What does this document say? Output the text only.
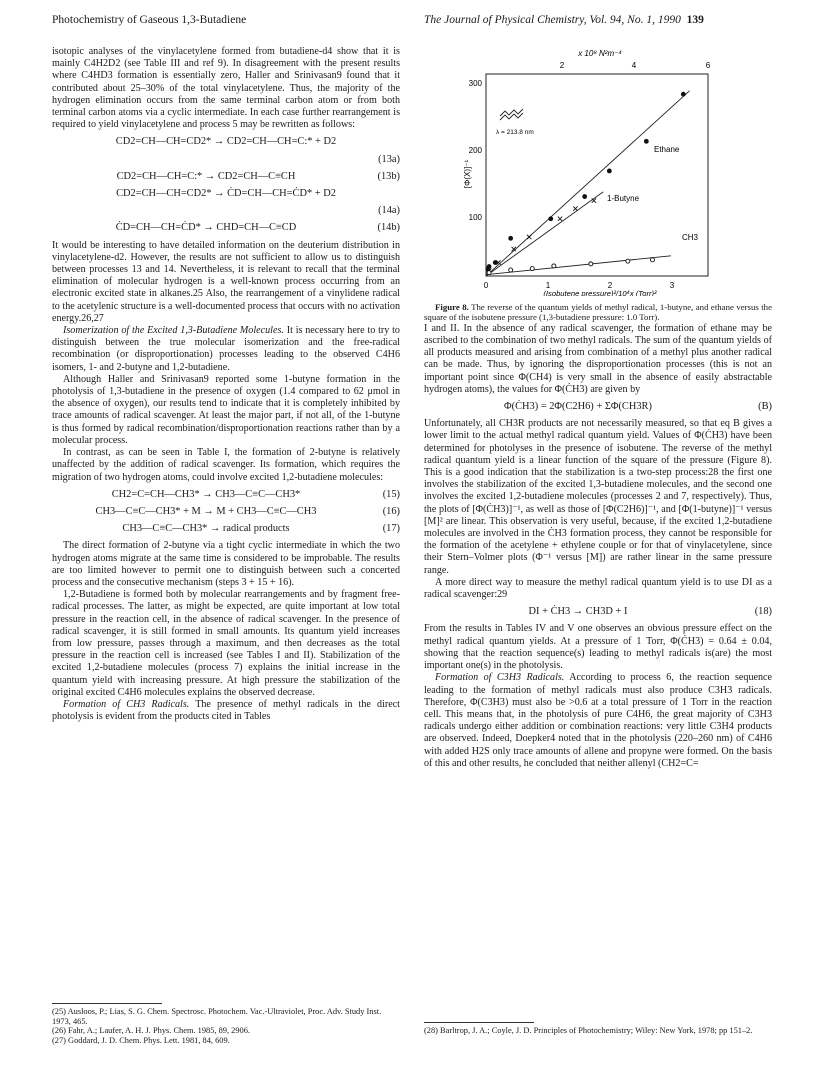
Photochemistry of Gaseous 1,3-Butadiene	The Journal of Physical Chemistry, Vol. 94, No. 1, 1990 139

isotopic analyses of the vinylacetylene formed from butadiene-d4 show that it is mainly C4H2D2 (see Table III and ref 9). In disagreement with the present results where C4HD3 formation is essentially zero, Haller and Srinivasan9 found that it contributed about 25–30% of the total vinylacetylene. Thus, the majority of the hydrogen elimination occurs from the same terminal carbon atom or from both terminal carbon atoms via a cyclic intermediate. In each case further rearrangement is required to yield vinylacetylene and process 5 may be rewritten as follows:

CD2=CH—CH=CD2* → CD2=CH—CH=C:* + D2
(13a)
CD2=CH—CH=C:* → CD2=CH—C≡CH	(13b)
CD2=CH—CH=CD2* → ĊD=CH—CH=ĊD* + D2
(14a)
ĊD=CH—CH=ĊD* → CHD=CH—C≡CD	(14b)

It would be interesting to have detailed information on the deuterium distribution in vinylacetylene-d2. However, the results are not sufficient to allow us to distinguish between processes 13 and 14. Nevertheless, it is relevant to recall that the terminal elimination of molecular hydrogen is a well-known process occurring from an electronic excited state in alkanes.25 Also, the rearrangement of a vinylidene radical to the acetylenic structure is a well-documented process that occurs with no activation energy.26,27

Isomerization of the Excited 1,3-Butadiene Molecules. It is necessary here to try to distinguish between the true molecular isomerization and the free-radical recombination (or disproportionation) processes leading to the observed C4H6 isomers, 1- and 2-butyne and 1,2-butadiene.

Although Haller and Srinivasan9 reported some 1-butyne formation in the photolysis of 1,3-butadiene in the presence of oxygen (1.4 compared to 62 μmol in the absence of oxygen), our results tend to indicate that it is completely inhibited by trace amounts of radical scavenger. At least the major part, if not all, of the 1-butyne is thus formed by radical recombination/disproportionation reactions rather than by a molecular process.

In contrast, as can be seen in Table I, the formation of 2-butyne is relatively unaffected by the addition of radical scavenger. Its formation, which requires the migration of two hydrogen atoms, could involve excited 1,2-butadiene molecules:

CH2=C=CH—CH3* → CH3—C≡C—CH3*	(15)
CH3—C≡C—CH3* + M → M + CH3—C≡C—CH3	(16)
CH3—C≡C—CH3* → radical products	(17)

The direct formation of 2-butyne via a tight cyclic intermediate in which the two hydrogen atoms migrate at the same time is considered to be improbable. The results are too limited however to permit one to distinguish between such a concerted process and the consecutive mechanism (steps 3 + 15 + 16).

1,2-Butadiene is formed both by molecular rearrangements and by fragment free-radical processes. The latter, as might be expected, are quite important at low total pressure in the reaction cell, in the absence of radical scavenger. In the presence of radical scavenger, it is still formed in small amounts. Its quantum yield increases from low pressure, passes through a maximum, and then decreases as the total pressure in the reaction cell is increased (see Tables I and II). Stabilization of the excited 1,2-butadiene molecules (process 7) explains the initial increase in the quantum yield with increasing pressure. At high pressure the stabilization of the original excited C4H6 molecules explains the observed decrease.

Formation of CH3 Radicals. The presence of methyl radicals in the direct photolysis is evident from the products cited in Tables

(25) Ausloos, P.; Lias, S. G. Chem. Spectrosc. Photochem. Vac.-Ultraviolet, Proc. Adv. Study Inst. 1973, 465.

(26) Fahr, A.; Laufer, A. H. J. Phys. Chem. 1985, 89, 2906.

(27) Goddard, J. D. Chem. Phys. Lett. 1981, 84, 609.

x 10⁸ N²m⁻⁴
2	4	6
300
200
100
[Φ(X)]⁻¹
0	1	2	3
(Isobutene pressure)²/10⁴x (Torr)²
λ = 213.8 nm
Ethane
1-Butyne
CH3

Figure 8. The reverse of the quantum yields of methyl radical, 1-butyne, and ethane versus the square of the isobutene pressure (1,3-butadiene pressure: 1.0 Torr).

I and II. In the absence of any radical scavenger, the formation of ethane may be ascribed to the combination of two methyl radicals. The sum of the quantum yields of all products measured and arising from combination of a methyl plus another radical can be made. Thus, by ignoring the disproportionation processes (this is not an important point since Φ(CH4) is very small in the absence of easily abstractable hydrogen atoms), the values for Φ(ĊH3) are given by

Φ(ĊH3) = 2Φ(C2H6) + ΣΦ(CH3R)	(B)

Unfortunately, all CH3R products are not necessarily measured, so that eq B gives a lower limit to the actual methyl radical quantum yield. Values of Φ(ĊH3) have been determined for photolyses in the presence of isobutene. The reverse of the methyl radical quantum yield is a linear function of the square of the pressure (Figure 8). This is a good indication that the stabilization is a two-step process:28 the first one involves the stabilization of the excited 1,3-butadiene molecules, and the second one involves the excited 1,2-butadiene molecules (processes 2 and 7, respectively). Thus, the plots of [Φ(ĊH3)]⁻¹, as well as those of [Φ(C2H6)]⁻¹, and [Φ(1-butyne)]⁻¹ versus [M]² are linear. This observation is very useful, because, if the excited 1,2-butadiene molecules are involved in the ĊH3 formation process, they cannot be responsible for the formation of the acetylene + ethylene couple or for that of vinylacetylene, since their Stern–Volmer plots (Φ⁻¹ versus [M]) are rather linear in the same pressure range.

A more direct way to measure the methyl radical quantum yield is to use DI as a radical scavenger:29

DI + ĊH3 → CH3D + I	(18)

From the results in Tables IV and V one observes an obvious pressure effect on the methyl radical quantum yields. At a pressure of 1 Torr, Φ(ĊH3) = 0.64 ± 0.04, showing that the reaction sequence(s) leading to methyl radicals is(are) the most important one(s) in the photolysis.

Formation of C3H3 Radicals. According to process 6, the reaction sequence leading to the formation of methyl radicals must also produce C3H3 radicals. Therefore, Φ(C3H3) must also be >0.6 at a total pressure of 1 Torr in the reaction cell. This means that, in the photolysis of pure C4H6, the great majority of C3H3 radicals undergo either addition or combination reactions: very little C3H4 products are observed. Indeed, Doepker4 noted that in the photolysis (220–260 nm) of C4H6 with added H2S only trace amounts of allene and propyne were formed. On the basis of this and other results, he concluded that neither allenyl (CH2=C=

(28) Barltrop, J. A.; Coyle, J. D. Principles of Photochemistry; Wiley: New York, 1978; pp 151–2.
